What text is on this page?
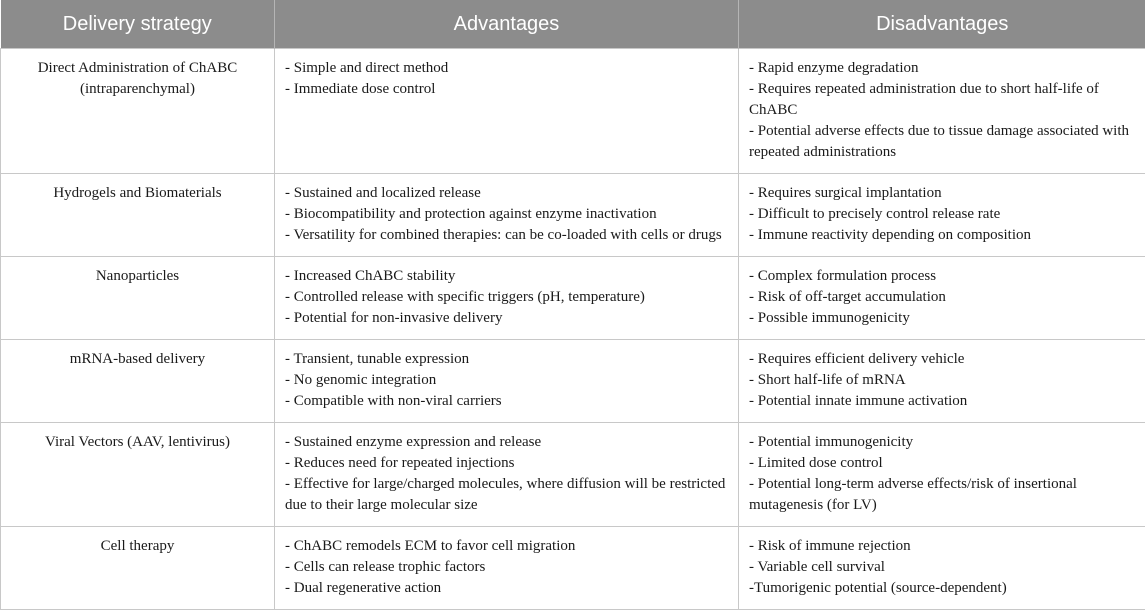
Delivery strategy	Advantages	Disadvantages
Direct Administration of ChABC (intraparenchymal)	- Simple and direct method
- Immediate dose control	- Rapid enzyme degradation
- Requires repeated administration due to short half-life of ChABC
- Potential adverse effects due to tissue damage associated with repeated administrations

Hydrogels and Biomaterials	- Sustained and localized release
- Biocompatibility and protection against enzyme inactivation
- Versatility for combined therapies: can be co-loaded with cells or drugs	- Requires surgical implantation
- Difficult to precisely control release rate
- Immune reactivity depending on composition

Nanoparticles	- Increased ChABC stability
- Controlled release with specific triggers (pH, temperature)
- Potential for non-invasive delivery	- Complex formulation process
- Risk of off-target accumulation
- Possible immunogenicity

mRNA-based delivery	- Transient, tunable expression
- No genomic integration
- Compatible with non-viral carriers	- Requires efficient delivery vehicle
- Short half-life of mRNA
- Potential innate immune activation

Viral Vectors (AAV, lentivirus)	- Sustained enzyme expression and release
- Reduces need for repeated injections
- Effective for large/charged molecules, where diffusion will be restricted due to their large molecular size	- Potential immunogenicity
- Limited dose control
- Potential long-term adverse effects/risk of insertional mutagenesis (for LV)

Cell therapy	- ChABC remodels ECM to favor cell migration
- Cells can release trophic factors
- Dual regenerative action	- Risk of immune rejection
- Variable cell survival
-Tumorigenic potential (source-dependent)
